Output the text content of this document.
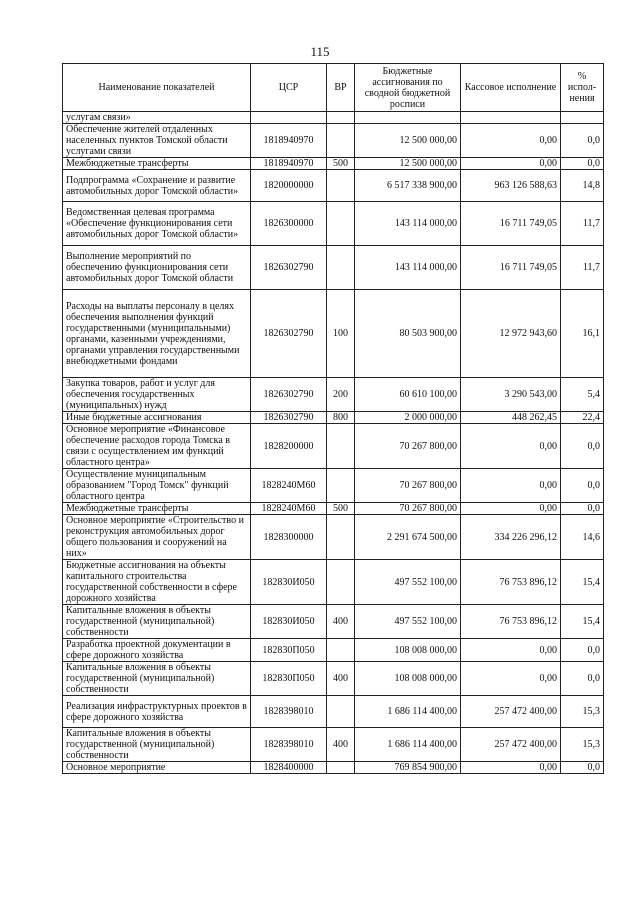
115
Наименование показателей	ЦСР	ВР	Бюджетные ассигнования по сводной бюджетной росписи	Кассовое исполнение	% испол-нения
услугам связи»					
Обеспечение жителей отдаленных населенных пунктов Томской области услугами связи	1818940970		12 500 000,00	0,00	0,0
Межбюджетные трансферты	1818940970	500	12 500 000,00	0,00	0,0
Подпрограмма «Сохранение и развитие автомобильных дорог Томской области»	1820000000		6 517 338 900,00	963 126 588,63	14,8
Ведомственная целевая программа «Обеспечение функционирования сети автомобильных дорог Томской области»	1826300000		143 114 000,00	16 711 749,05	11,7
Выполнение мероприятий по обеспечению функционирования сети автомобильных дорог Томской области	1826302790		143 114 000,00	16 711 749,05	11,7
Расходы на выплаты персоналу в целях обеспечения выполнения функций государственными (муниципальными) органами, казенными учреждениями, органами управления государственными внебюджетными фондами	1826302790	100	80 503 900,00	12 972 943,60	16,1
Закупка товаров, работ и услуг для обеспечения государственных (муниципальных) нужд	1826302790	200	60 610 100,00	3 290 543,00	5,4
Иные бюджетные ассигнования	1826302790	800	2 000 000,00	448 262,45	22,4
Основное мероприятие «Финансовое обеспечение расходов города Томска в связи с осуществлением им функций областного центра»	1828200000		70 267 800,00	0,00	0,0
Осуществление муниципальным образованием "Город Томск" функций областного центра	1828240М60		70 267 800,00	0,00	0,0
Межбюджетные трансферты	1828240М60	500	70 267 800,00	0,00	0,0
Основное мероприятие «Строительство и реконструкция автомобильных дорог общего пользования и сооружений на них»	1828300000		2 291 674 500,00	334 226 296,12	14,6
Бюджетные ассигнования на объекты капитального строительства государственной собственности в сфере дорожного хозяйства	182830И050		497 552 100,00	76 753 896,12	15,4
Капитальные вложения в объекты государственной (муниципальной) собственности	182830И050	400	497 552 100,00	76 753 896,12	15,4
Разработка проектной документации в сфере дорожного хозяйства	182830П050		108 008 000,00	0,00	0,0
Капитальные вложения в объекты государственной (муниципальной) собственности	182830П050	400	108 008 000,00	0,00	0,0
Реализация инфраструктурных проектов в сфере дорожного хозяйства	1828398010		1 686 114 400,00	257 472 400,00	15,3
Капитальные вложения в объекты государственной (муниципальной) собственности	1828398010	400	1 686 114 400,00	257 472 400,00	15,3
Основное мероприятие	1828400000		769 854 900,00	0,00	0,0
